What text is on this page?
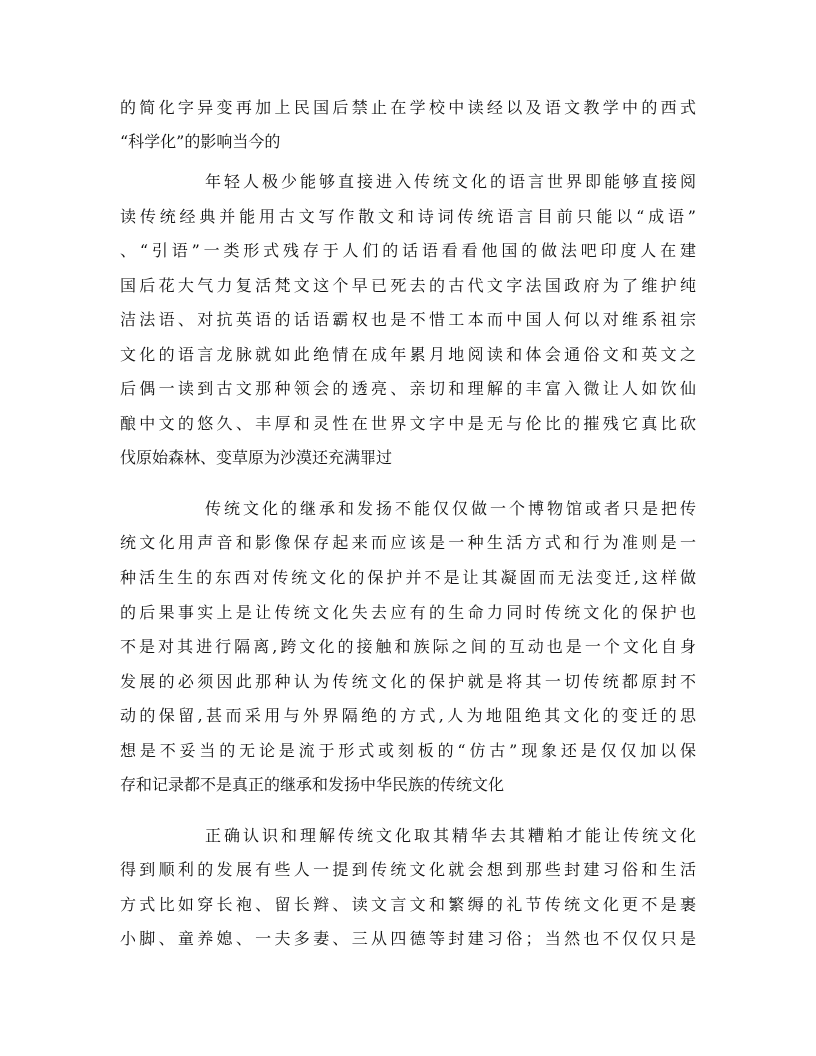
的简化字异变再加上民国后禁止在学校中读经以及语文教学中的西式
“科学化”的影响当今的
年轻人极少能够直接进入传统文化的语言世界即能够直接阅
读传统经典并能用古文写作散文和诗词传统语言目前只能以“成语”
、“引语”一类形式残存于人们的话语看看他国的做法吧印度人在建
国后花大气力复活梵文这个早已死去的古代文字法国政府为了维护纯
洁法语、对抗英语的话语霸权也是不惜工本而中国人何以对维系祖宗
文化的语言龙脉就如此绝情在成年累月地阅读和体会通俗文和英文之
后偶一读到古文那种领会的透亮、亲切和理解的丰富入微让人如饮仙
酿中文的悠久、丰厚和灵性在世界文字中是无与伦比的摧残它真比砍
伐原始森林、变草原为沙漠还充满罪过
传统文化的继承和发扬不能仅仅做一个博物馆或者只是把传
统文化用声音和影像保存起来而应该是一种生活方式和行为准则是一
种活生生的东西对传统文化的保护并不是让其凝固而无法变迁,这样做
的后果事实上是让传统文化失去应有的生命力同时传统文化的保护也
不是对其进行隔离,跨文化的接触和族际之间的互动也是一个文化自身
发展的必须因此那种认为传统文化的保护就是将其一切传统都原封不
动的保留,甚而采用与外界隔绝的方式,人为地阻绝其文化的变迁的思
想是不妥当的无论是流于形式或刻板的“仿古”现象还是仅仅加以保
存和记录都不是真正的继承和发扬中华民族的传统文化
正确认识和理解传统文化取其精华去其糟粕才能让传统文化
得到顺利的发展有些人一提到传统文化就会想到那些封建习俗和生活
方式比如穿长袍、留长辫、读文言文和繁缛的礼节传统文化更不是裹
小脚、童养媳、一夫多妻、三从四德等封建习俗；当然也不仅仅只是
